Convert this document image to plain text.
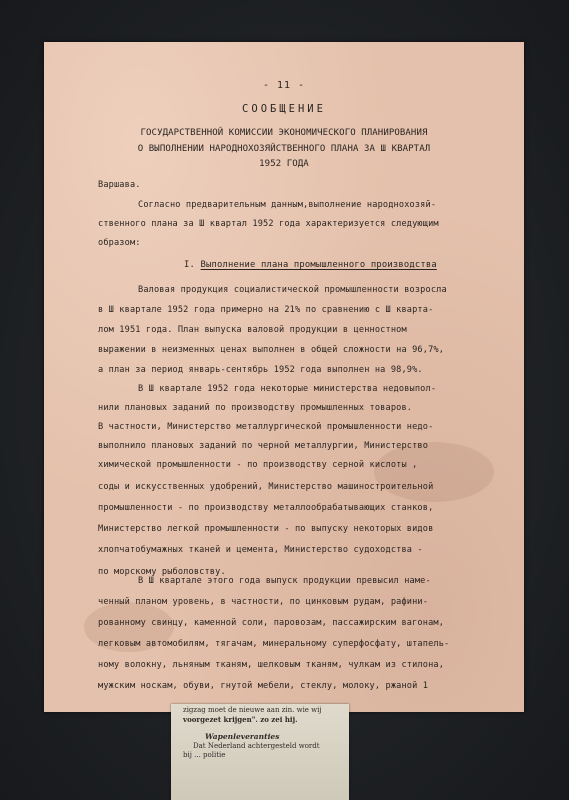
- 11 -
СООБЩЕНИЕ
ГОСУДАРСТВЕННОЙ КОМИССИИ ЭКОНОМИЧЕСКОГО ПЛАНИРОВАНИЯ
О ВЫПОЛНЕНИИ НАРОДНОХОЗЯЙСТВЕННОГО ПЛАНА ЗА Ш КВАРТАЛ
1952 ГОДА
Варшава.
Согласно предварительным данным,выполнение народнохозяй-
ственного плана за Ш квартал 1952 года характеризуется следующим
образом:
I. Выполнение плана промышленного производства
Валовая продукция социалистической промышленности возросла
в Ш квартале 1952 года примерно на 21% по сравнению с Ш кварта-
лом 1951 года. План выпуска валовой продукции в ценностном
выражении в неизменных ценах выполнен в общей сложности на 96,7%,
а план за период январь-сентябрь 1952 года выполнен на 98,9%.
В Ш квартале 1952 года некоторые министерства недовыпол-
нили плановых заданий по производству промышленных товаров.
В частности, Министерство металлургической промышленности недо-
выполнило плановых заданий по черной металлургии, Министерство
химической промышленности - по производству серной кислоты ,
соды и искусственных удобрений, Министерство машиностроительной
промышленности - по производству металлообрабатывающих станков,
Министерство легкой промышленности - по выпуску некоторых видов
хлопчатобумажных тканей и цемента, Министерство судоходства -
по морскому рыболовству.
В Ш квартале этого года выпуск продукции превысил наме-
ченный планом уровень, в частности, по цинковым рудам, рафини-
рованному свинцу, каменной соли, паровозам, пассажирским вагонам,
легковым автомобилям, тягачам, минеральному суперфосфату, штапель-
ному волокну, льняным тканям, шелковым тканям, чулкам из стилона,
мужским носкам, обуви, гнутой мебели, стеклу, молоку, ржаной 1
zigzag moet de nieuwe aan zin. wie wij
voorgezet krijgen". zo zei hij.
Wapenleveranties
Dat Nederland achtergesteld wordt
bij ... politie
